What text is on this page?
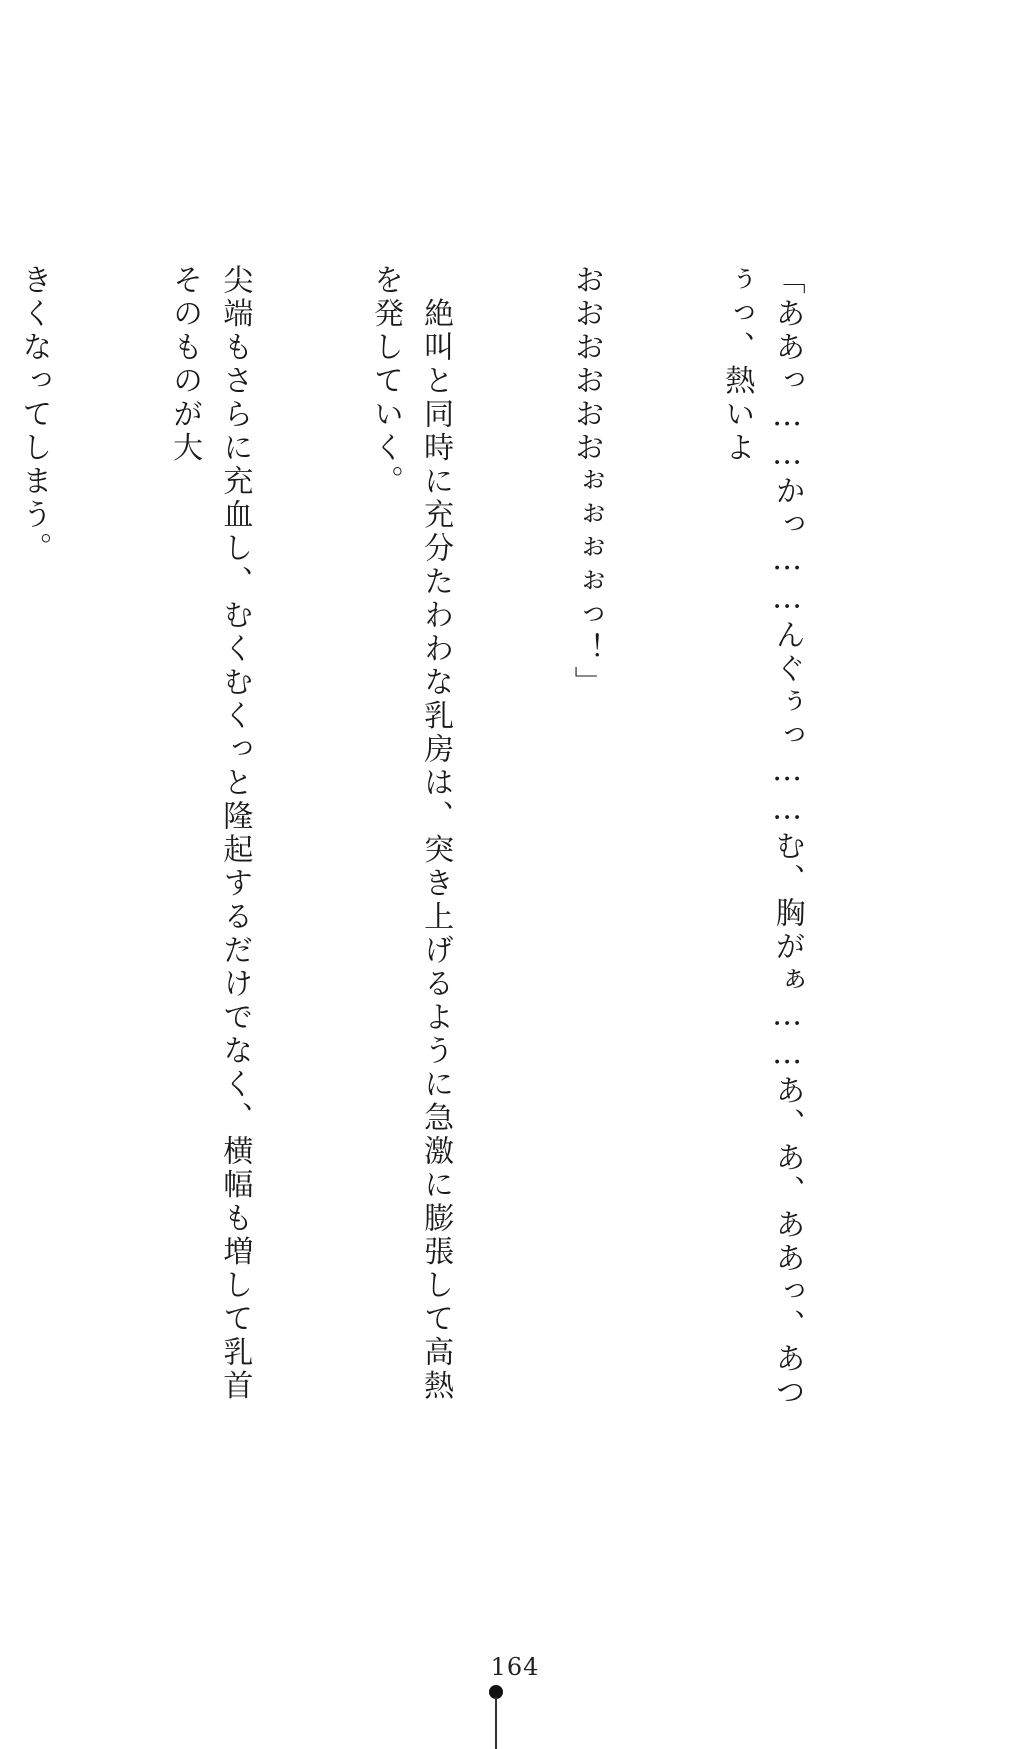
「ああっ……かっ……んぐぅっ……む、胸がぁ……あ、あ、ああっ、あつぅっ、熱いよ

おおおおおおぉぉぉぉっ！」

　絶叫と同時に充分たわわな乳房は、突き上げるように急激に膨張して高熱を発していく。

尖端もさらに充血し、むくむくっと隆起するだけでなく、横幅も増して乳首そのものが大

きくなってしまう。

164
